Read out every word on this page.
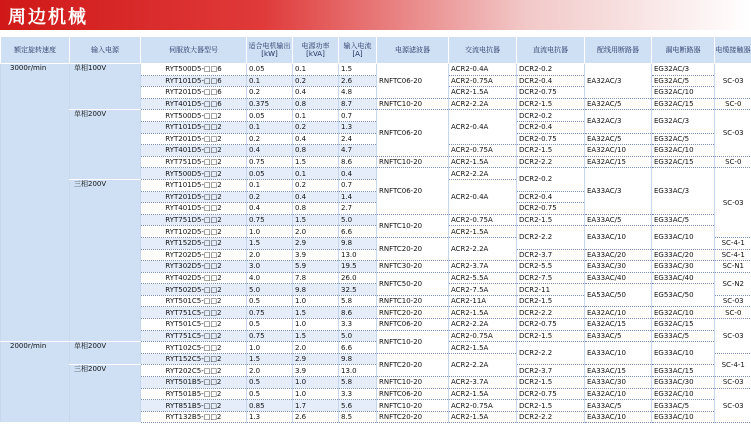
周边机械
额定旋转速度	输入电源	伺服放大器型号	适合电机输出 [kW]	电源功率 [kVA]	输入电流 [A]	电源滤波器	交流电抗器	直流电抗器	配线用断路器	漏电断路器	电缆接触器
3000r/min	单相100V	RYT500D5-□□6	0.05	0.1	1.5	RNFTC06-20	ACR2-0.4A	DCR2-0.2	EA32AC/3	EG32AC/3	SC-03
		RYT101D5-□□6	0.1	0.2	2.6		ACR2-0.75A	DCR2-0.4		EG32AC/5	
		RYT201D5-□□6	0.2	0.4	4.8		ACR2-1.5A	DCR2-0.75		EG32AC/10	
		RYT401D5-□□6	0.375	0.8	8.7	RNFTC10-20	ACR2-2.2A	DCR2-1.5	EA32AC/5	EG32AC/15	SC-0
	单相200V	RYT500D5-□□2	0.05	0.1	0.7	RNFTC06-20	ACR2-0.4A	DCR2-0.2	EA32AC/3	EG32AC/3	SC-03
		RYT101D5-□□2	0.1	0.2	1.3			DCR2-0.4			
		RYT201D5-□□2	0.2	0.4	2.4			DCR2-0.75	EA32AC/5	EG32AC/5	
		RYT401D5-□□2	0.4	0.8	4.7		ACR2-0.75A	DCR2-1.5	EA32AC/10	EG32AC/10	
		RYT751D5-□□2	0.75	1.5	8.6	RNFTC10-20	ACR2-1.5A	DCR2-2.2	EA32AC/15	EG32AC/15	SC-0
		RYT500D5-□□2	0.05	0.1	0.4	RNFTC06-20	ACR2-2.2A	DCR2-0.2	EA33AC/3	EG33AC/3	SC-03
	三相200V	RYT101D5-□□2	0.1	0.2	0.7		ACR2-0.4A				
		RYT201D5-□□2	0.2	0.4	1.4			DCR2-0.4			
		RYT401D5-□□2	0.4	0.8	2.7			DCR2-0.75			
		RYT751D5-□□2	0.75	1.5	5.0	RNFTC10-20	ACR2-0.75A	DCR2-1.5	EA33AC/5	EG33AC/5	
		RYT102D5-□□2	1.0	2.0	6.6		ACR2-1.5A	DCR2-2.2	EA33AC/10	EG33AC/10	
		RYT152D5-□□2	1.5	2.9	9.8	RNFTC20-20	ACR2-2.2A				SC-4-1
		RYT202D5-□□2	2.0	3.9	13.0			DCR2-3.7	EA33AC/20	EG33AC/20	SC-4-1
		RYT302D5-□□2	3.0	5.9	19.5	RNFTC30-20	ACR2-3.7A	DCR2-5.5	EA33AC/30	EG33AC/30	SC-N1
		RYT402D5-□□2	4.0	7.8	26.0	RNFTC50-20	ACR2-5.5A	DCR2-7.5	EA33AC/40	EG33AC/40	SC-N2
		RYT502D5-□□2	5.0	9.8	32.5		ACR2-7.5A	DCR2-11	EA53AC/50	EG53AC/50	
		RYT501C5-□□2	0.5	1.0	5.8	RNFTC10-20	ACR2-11A	DCR2-1.5			SC-03
		RYT751C5-□□2	0.75	1.5	8.6	RNFTC20-20	ACR2-1.5A	DCR2-2.2	EA32AC/10	EG32AC/10	SC-0
		RYT501C5-□□2	0.5	1.0	3.3	RNFTC06-20	ACR2-2.2A	DCR2-0.75	EA32AC/15	EG32AC/15	SC-03
		RYT751C5-□□2	0.75	1.5	5.0	RNFTC10-20	ACR2-0.75A	DCR2-1.5	EA33AC/5	EG33AC/5	
2000r/min	单相200V	RYT102C5-□□2	1.0	2.0	6.6		ACR2-1.5A	DCR2-2.2	EA33AC/10	EG33AC/10	
		RYT152C5-□□2	1.5	2.9	9.8	RNFTC20-20	ACR2-2.2A				SC-4-1
	三相200V	RYT202C5-□□2	2.0	3.9	13.0			DCR2-3.7	EA33AC/15	EG33AC/15	
		RYT501B5-□□2	0.5	1.0	5.8	RNFTC10-20	ACR2-3.7A	DCR2-1.5	EA33AC/30	EG33AC/30	SC-03
		RYT501B5-□□2	0.5	1.0	3.3	RNFTC06-20	ACR2-1.5A	DCR2-0.75	EA32AC/10	EG32AC/10	SC-03
		RYT851B5-□□2	0.85	1.7	5.6	RNFTC10-20	ACR2-0.75A	DCR2-1.5	EA33AC/5	EG33AC/5	
		RYT132B5-□□2	1.3	2.6	8.5	RNFTC20-20	ACR2-1.5A	DCR2-2.2	EA33AC/10	EG33AC/10	
